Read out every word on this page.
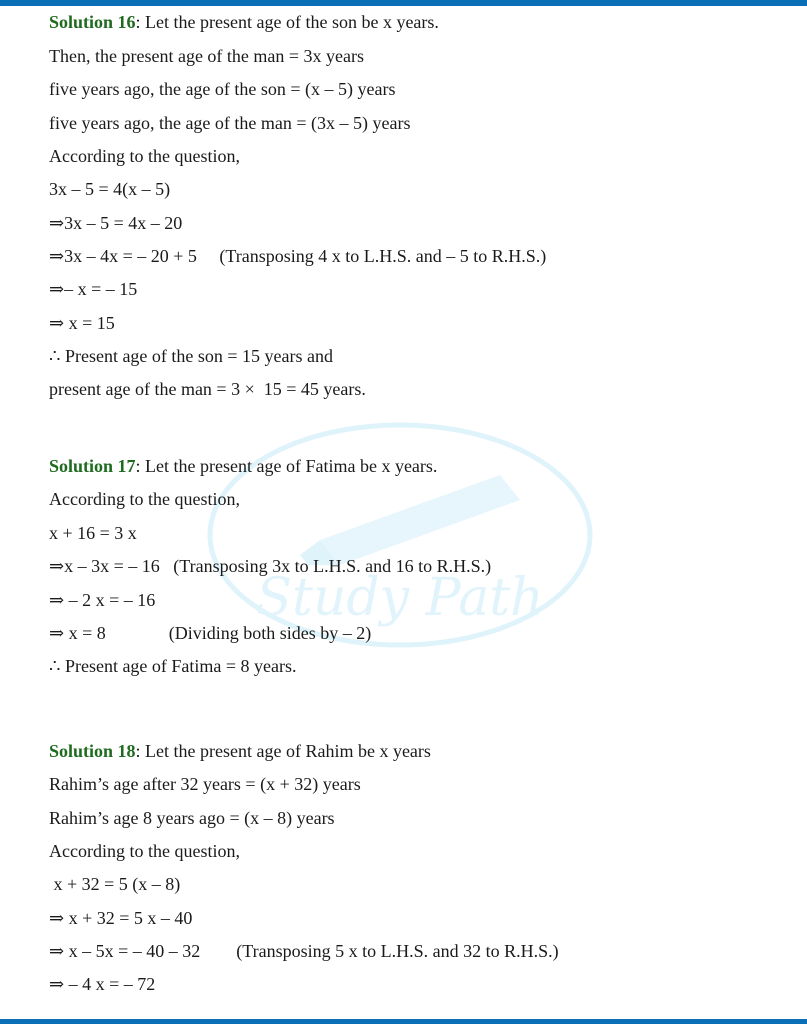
Study Path
Solution 16: Let the present age of the son be x years.
Then, the present age of the man = 3x years
five years ago, the age of the son = (x – 5) years
five years ago, the age of the man = (3x – 5) years
According to the question,
3x – 5 = 4(x – 5)
⇒3x – 5 = 4x – 20
⇒3x – 4x = – 20 + 5     (Transposing 4 x to L.H.S. and – 5 to R.H.S.)
⇒– x = – 15
⇒ x = 15
∴ Present age of the son = 15 years and
present age of the man = 3 ×  15 = 45 years.
Solution 17: Let the present age of Fatima be x years.
According to the question,
x + 16 = 3 x
⇒x – 3x = – 16   (Transposing 3x to L.H.S. and 16 to R.H.S.)
⇒ – 2 x = – 16
⇒ x = 8              (Dividing both sides by – 2)
∴ Present age of Fatima = 8 years.
Solution 18: Let the present age of Rahim be x years
Rahim’s age after 32 years = (x + 32) years
Rahim’s age 8 years ago = (x – 8) years
According to the question,
x + 32 = 5 (x – 8)
⇒ x + 32 = 5 x – 40
⇒ x – 5x = – 40 – 32        (Transposing 5 x to L.H.S. and 32 to R.H.S.)
⇒ – 4 x = – 72
